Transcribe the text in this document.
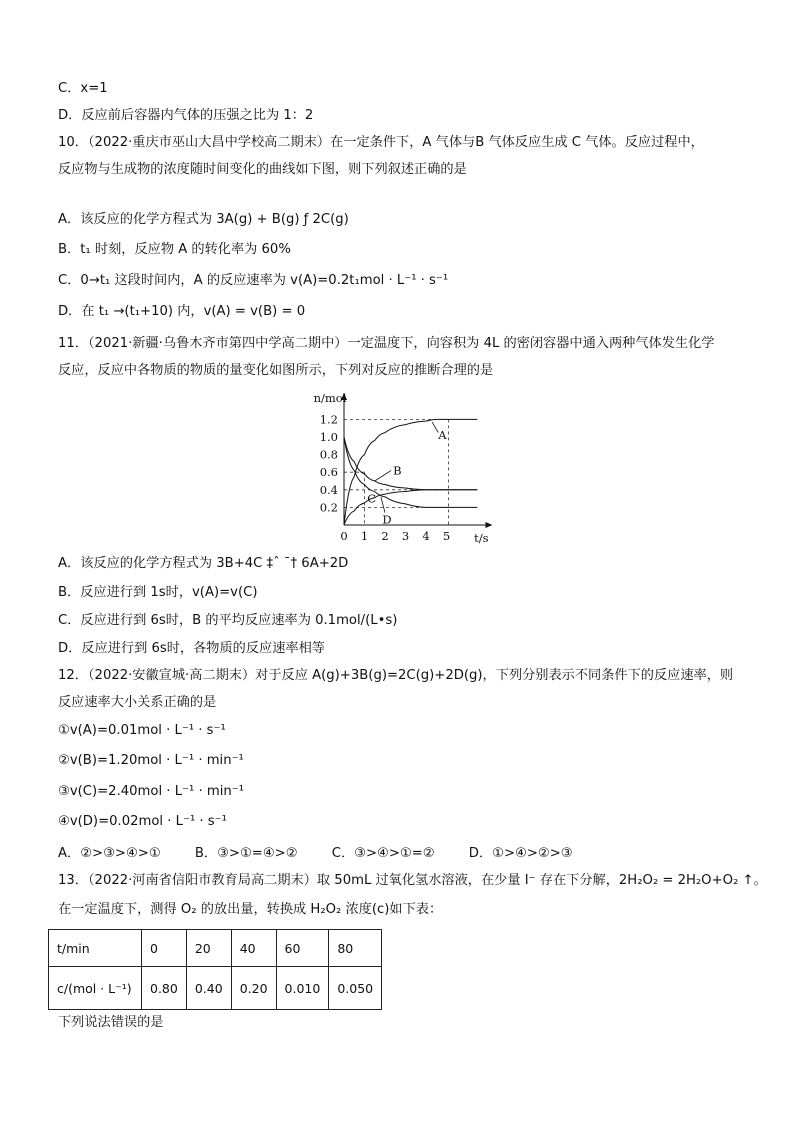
C．x=1
D．反应前后容器内气体的压强之比为 1：2
10．（2022·重庆市巫山大昌中学校高二期末）在一定条件下，A 气体与B 气体反应生成 C 气体。反应过程中，
反应物与生成物的浓度随时间变化的曲线如下图，则下列叙述正确的是
A．该反应的化学方程式为 3A(g) + B(g) ƒ 2C(g)
B．t₁ 时刻，反应物 A 的转化率为 60%
C．0→t₁ 这段时间内，A 的反应速率为 v(A)=0.2t₁mol · L⁻¹ · s⁻¹
D．在 t₁ →(t₁+10) 内，v(A) = v(B) = 0
11．（2021·新疆·乌鲁木齐市第四中学高二期中）一定温度下，向容积为 4L 的密闭容器中通入两种气体发生化学
反应，反应中各物质的物质的量变化如图所示，下列对反应的推断合理的是
0 1 2 3 4 5
0.2
0.4
0.6
0.8
1.0
1.2
n/mol
t/s
A
B
C
D
A．该反应的化学方程式为 3B+4C ‡ˆ ˉ† 6A+2D
B．反应进行到 1s时，v(A)=v(C)
C．反应进行到 6s时，B 的平均反应速率为 0.1mol/(L•s)
D．反应进行到 6s时，各物质的反应速率相等
12．（2022·安徽宣城·高二期末）对于反应 A(g)+3B(g)=2C(g)+2D(g)，下列分别表示不同条件下的反应速率，则
反应速率大小关系正确的是
①v(A)=0.01mol · L⁻¹ · s⁻¹
②v(B)=1.20mol · L⁻¹ · min⁻¹
③v(C)=2.40mol · L⁻¹ · min⁻¹
④v(D)=0.02mol · L⁻¹ · s⁻¹
A．②>③>④>①	B．③>①=④>②	C．③>④>①=②	D．①>④>②>③
13．（2022·河南省信阳市教育局高二期末）取 50mL 过氧化氢水溶液，在少量 I⁻ 存在下分解，2H₂O₂ = 2H₂O+O₂ ↑。
在一定温度下，测得 O₂ 的放出量，转换成 H₂O₂ 浓度(c)如下表：
t/min	0	20	40	60	80
c/(mol · L⁻¹)	0.80	0.40	0.20	0.010	0.050
下列说法错误的是
